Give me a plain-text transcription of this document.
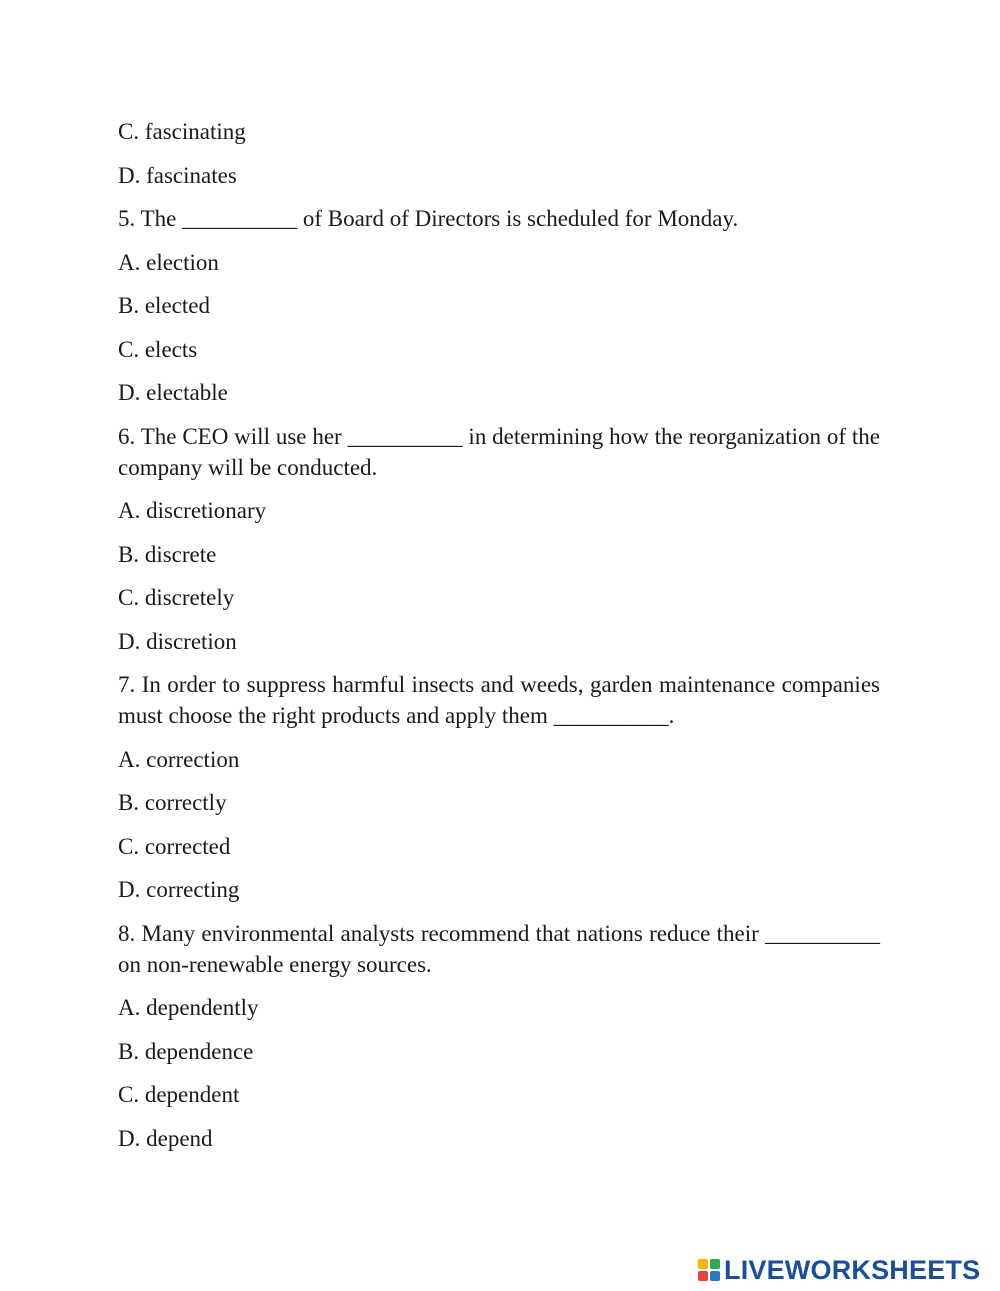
C. fascinating

D. fascinates

5. The __________ of Board of Directors is scheduled for Monday.

A. election

B. elected

C. elects

D. electable

6. The CEO will use her __________ in determining how the reorganization of the company will be conducted.

A. discretionary

B. discrete

C. discretely

D. discretion

7. In order to suppress harmful insects and weeds, garden maintenance companies must choose the right products and apply them __________.

A. correction

B. correctly

C. corrected

D. correcting

8. Many environmental analysts recommend that nations reduce their __________ on non-renewable energy sources.

A. dependently

B. dependence

C. dependent

D. depend

LIVEWORKSHEETS
